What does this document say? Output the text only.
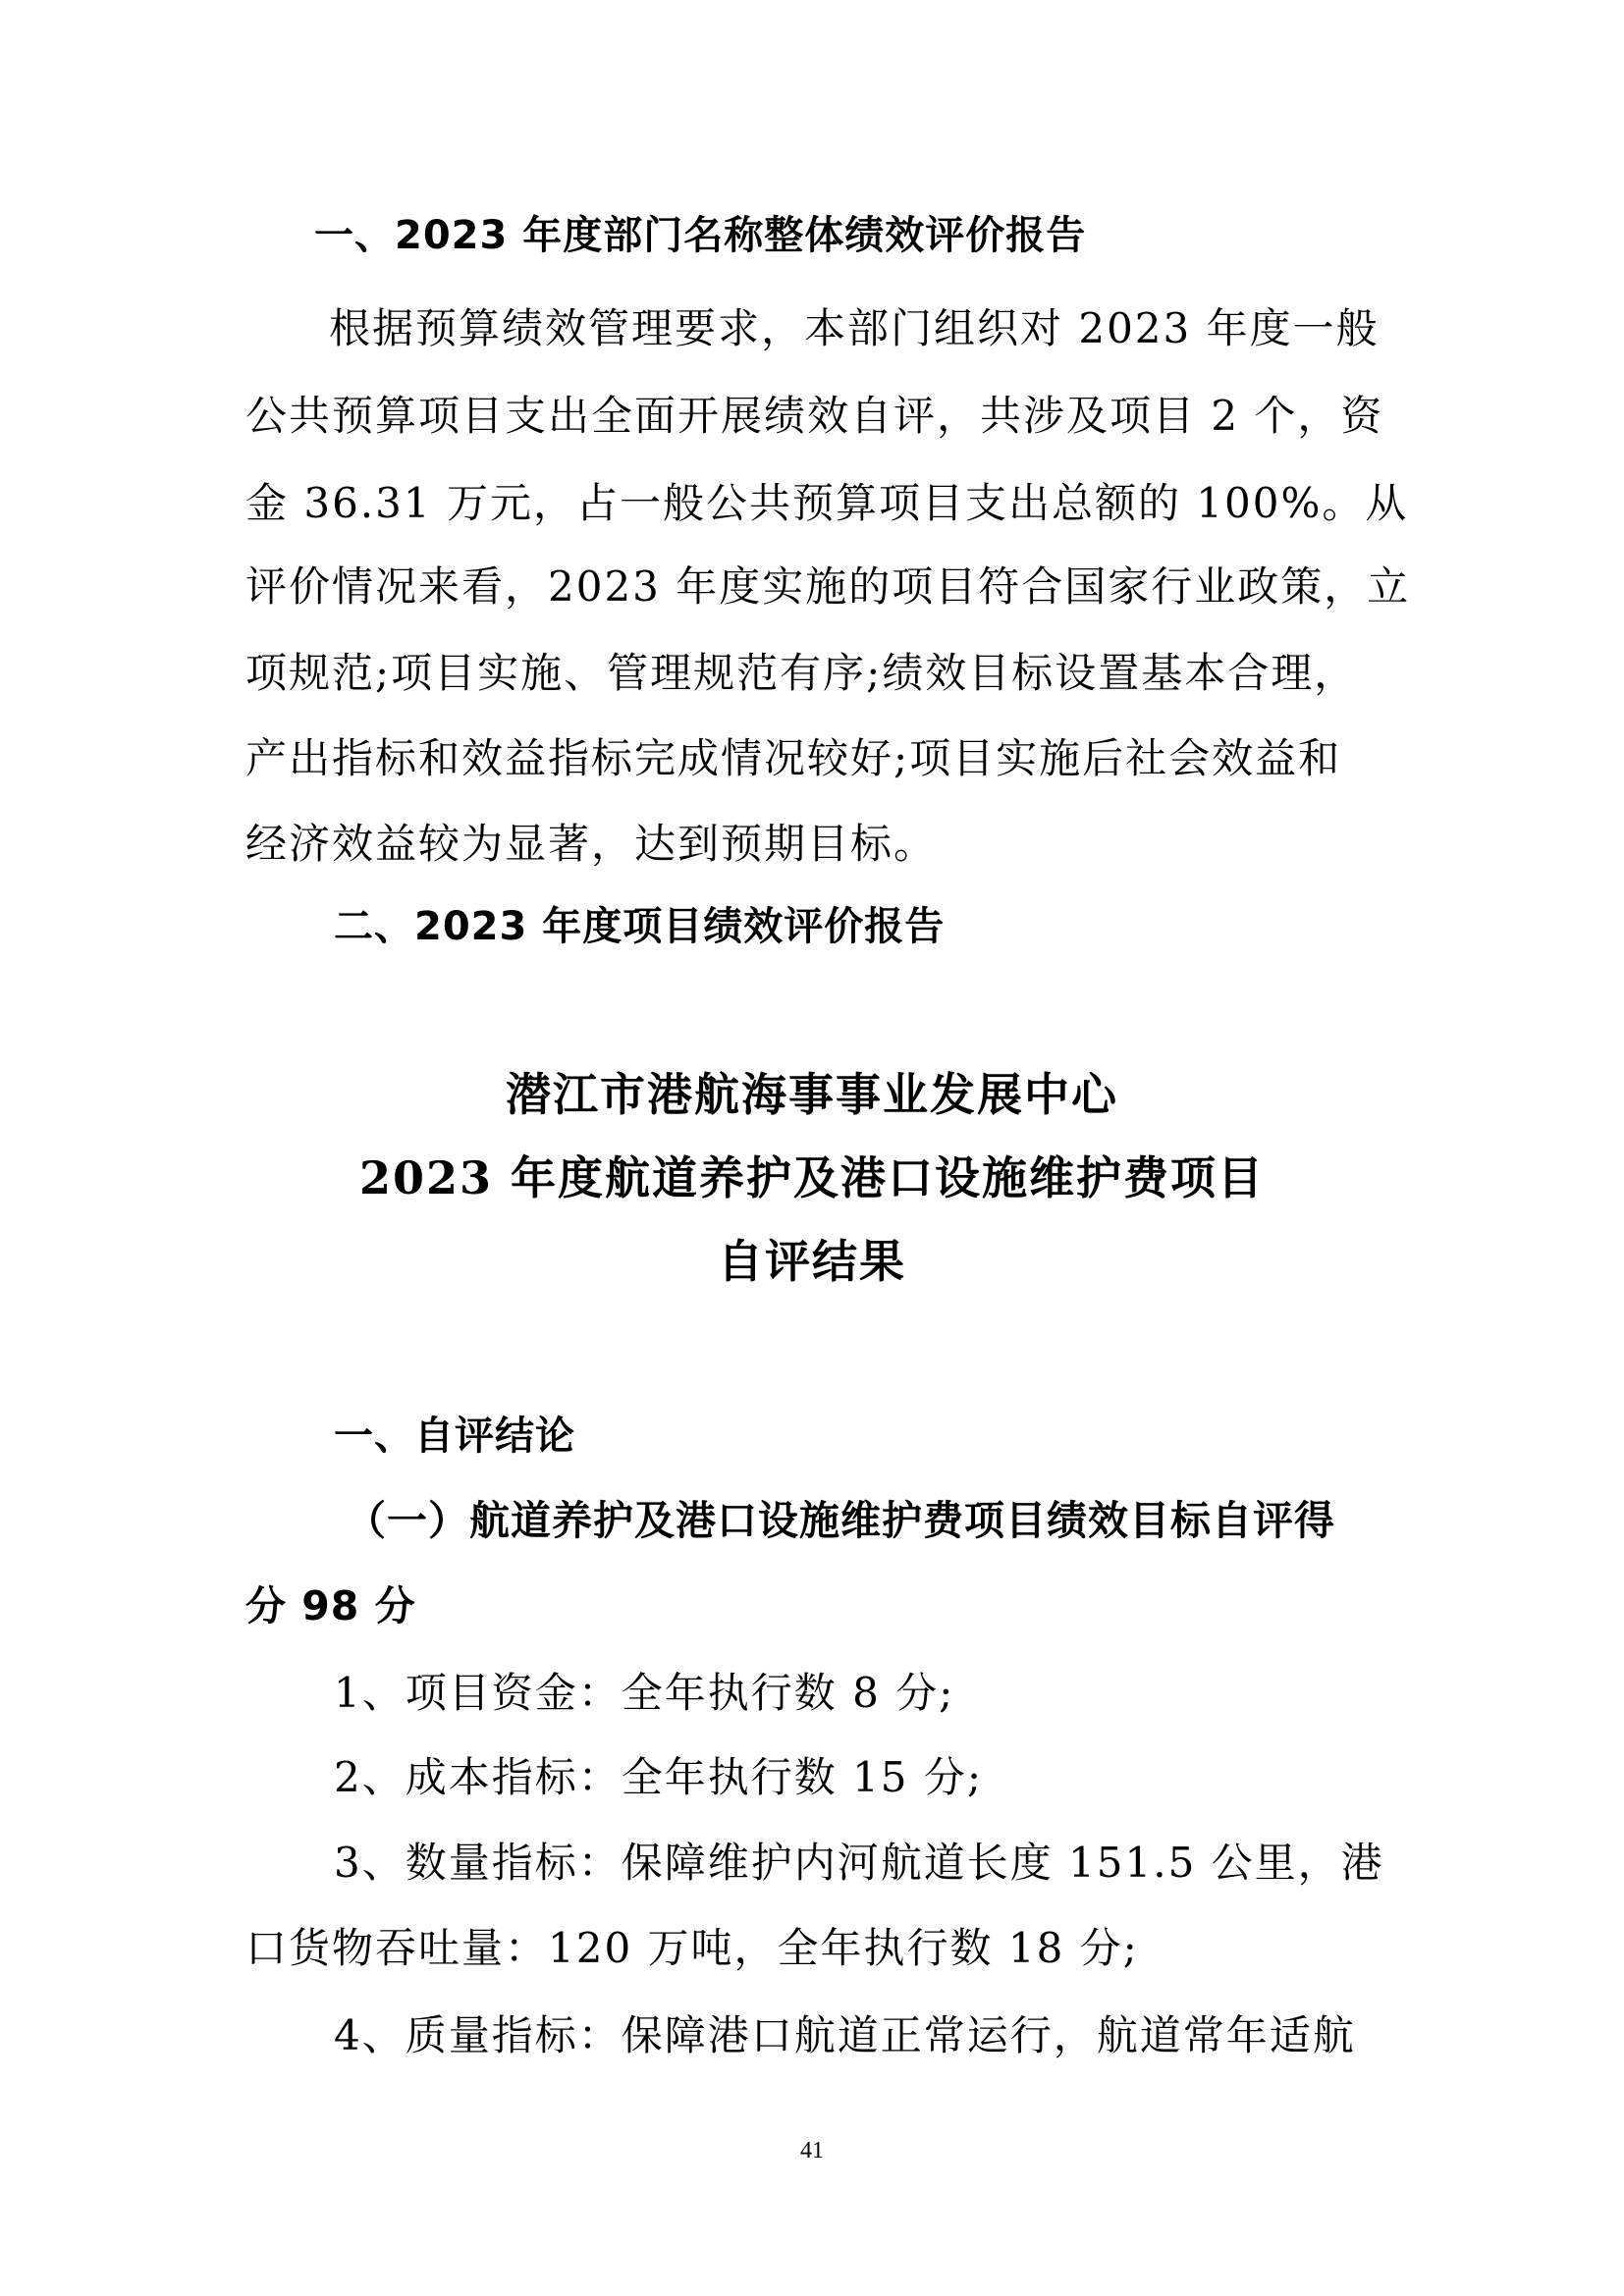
一、2023 年度部门名称整体绩效评价报告
根据预算绩效管理要求，本部门组织对 2023 年度一般
公共预算项目支出全面开展绩效自评，共涉及项目 2 个，资
金 36.31 万元，占一般公共预算项目支出总额的 100%。从
评价情况来看，2023 年度实施的项目符合国家行业政策，立
项规范;项目实施、管理规范有序;绩效目标设置基本合理，
产出指标和效益指标完成情况较好;项目实施后社会效益和
经济效益较为显著，达到预期目标。
二、2023 年度项目绩效评价报告
潜江市港航海事事业发展中心
2023 年度航道养护及港口设施维护费项目
自评结果
一、自评结论
（一）航道养护及港口设施维护费项目绩效目标自评得
分 98 分
1、项目资金：全年执行数 8 分;
2、成本指标：全年执行数 15 分;
3、数量指标：保障维护内河航道长度 151.5 公里，港
口货物吞吐量：120 万吨，全年执行数 18 分;
4、质量指标：保障港口航道正常运行，航道常年适航
41
